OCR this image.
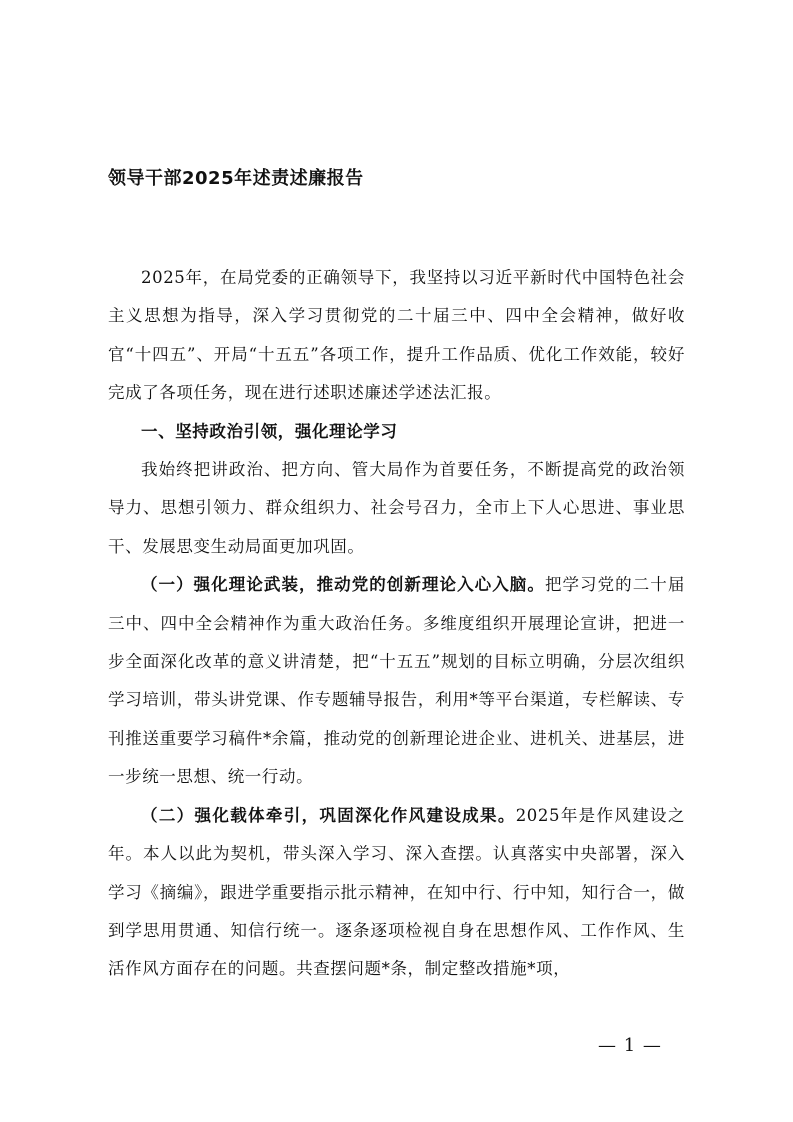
领导干部2025年述责述廉报告

2025年，在局党委的正确领导下，我坚持以习近平新时代中国特色社会主义思想为指导，深入学习贯彻党的二十届三中、四中全会精神，做好收官“十四五”、开局“十五五”各项工作，提升工作品质、优化工作效能，较好完成了各项任务，现在进行述职述廉述学述法汇报。

一、坚持政治引领，强化理论学习

我始终把讲政治、把方向、管大局作为首要任务，不断提高党的政治领导力、思想引领力、群众组织力、社会号召力，全市上下人心思进、事业思干、发展思变生动局面更加巩固。

（一）强化理论武装，推动党的创新理论入心入脑。把学习党的二十届三中、四中全会精神作为重大政治任务。多维度组织开展理论宣讲，把进一步全面深化改革的意义讲清楚，把“十五五”规划的目标立明确，分层次组织学习培训，带头讲党课、作专题辅导报告，利用*等平台渠道，专栏解读、专刊推送重要学习稿件*余篇，推动党的创新理论进企业、进机关、进基层，进一步统一思想、统一行动。

（二）强化载体牵引，巩固深化作风建设成果。2025年是作风建设之年。本人以此为契机，带头深入学习、深入查摆。认真落实中央部署，深入学习《摘编》，跟进学重要指示批示精神，在知中行、行中知，知行合一，做到学思用贯通、知信行统一。逐条逐项检视自身在思想作风、工作作风、生活作风方面存在的问题。共查摆问题*条，制定整改措施*项，

— 1 —
